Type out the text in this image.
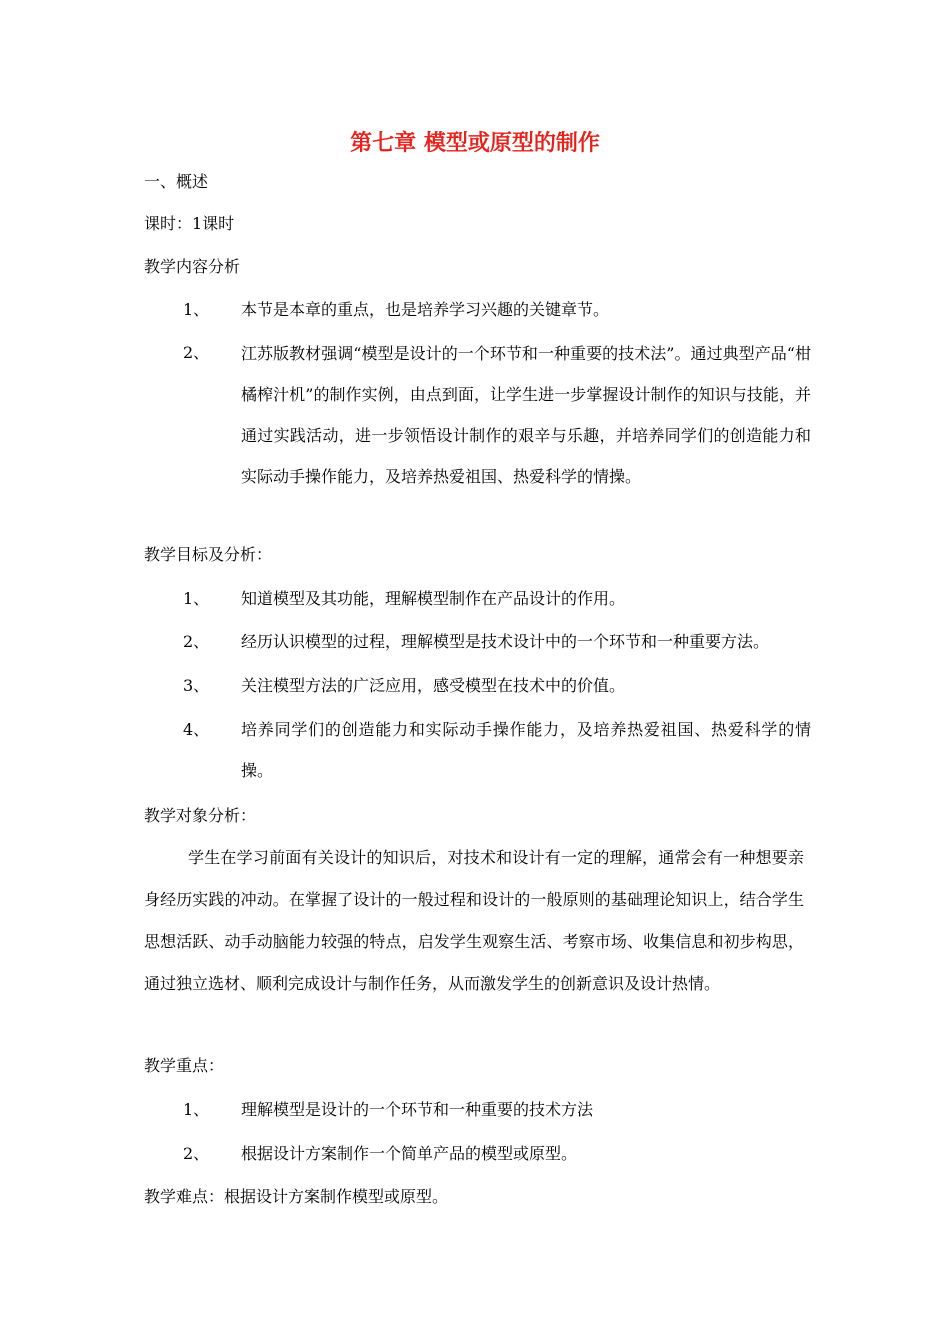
第七章 模型或原型的制作
一、概述
课时：1课时
教学内容分析
1、 本节是本章的重点，也是培养学习兴趣的关键章节。
2、 江苏版教材强调“模型是设计的一个环节和一种重要的技术法”。通过典型产品“柑橘榨汁机”的制作实例，由点到面，让学生进一步掌握设计制作的知识与技能，并通过实践活动，进一步领悟设计制作的艰辛与乐趣，并培养同学们的创造能力和实际动手操作能力，及培养热爱祖国、热爱科学的情操。
教学目标及分析：
1、 知道模型及其功能，理解模型制作在产品设计的作用。
2、 经历认识模型的过程，理解模型是技术设计中的一个环节和一种重要方法。
3、 关注模型方法的广泛应用，感受模型在技术中的价值。
4、 培养同学们的创造能力和实际动手操作能力，及培养热爱祖国、热爱科学的情操。
教学对象分析：
学生在学习前面有关设计的知识后，对技术和设计有一定的理解，通常会有一种想要亲身经历实践的冲动。在掌握了设计的一般过程和设计的一般原则的基础理论知识上，结合学生思想活跃、动手动脑能力较强的特点，启发学生观察生活、考察市场、收集信息和初步构思，通过独立选材、顺利完成设计与制作任务，从而激发学生的创新意识及设计热情。
教学重点：
1、 理解模型是设计的一个环节和一种重要的技术方法
2、 根据设计方案制作一个简单产品的模型或原型。
教学难点：根据设计方案制作模型或原型。
